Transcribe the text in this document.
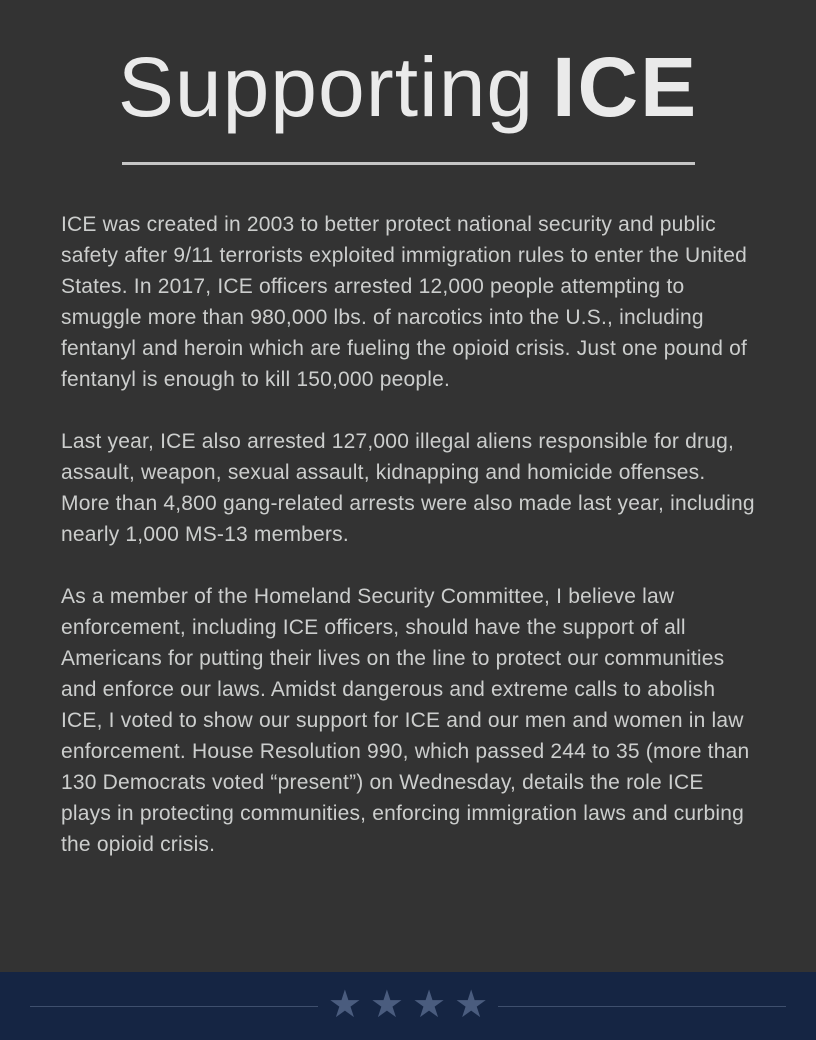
Supporting ICE

ICE was created in 2003 to better protect national security and public safety after 9/11 terrorists exploited immigration rules to enter the United States. In 2017, ICE officers arrested 12,000 people attempting to smuggle more than 980,000 lbs. of narcotics into the U.S., including fentanyl and heroin which are fueling the opioid crisis. Just one pound of fentanyl is enough to kill 150,000 people.

Last year, ICE also arrested 127,000 illegal aliens responsible for drug, assault, weapon, sexual assault, kidnapping and homicide offenses. More than 4,800 gang-related arrests were also made last year, including nearly 1,000 MS-13 members.

As a member of the Homeland Security Committee, I believe law enforcement, including ICE officers, should have the support of all Americans for putting their lives on the line to protect our communities and enforce our laws. Amidst dangerous and extreme calls to abolish ICE, I voted to show our support for ICE and our men and women in law enforcement. House Resolution 990, which passed 244 to 35 (more than 130 Democrats voted “present”) on Wednesday, details the role ICE plays in protecting communities, enforcing immigration laws and curbing the opioid crisis.

★ ★ ★ ★
